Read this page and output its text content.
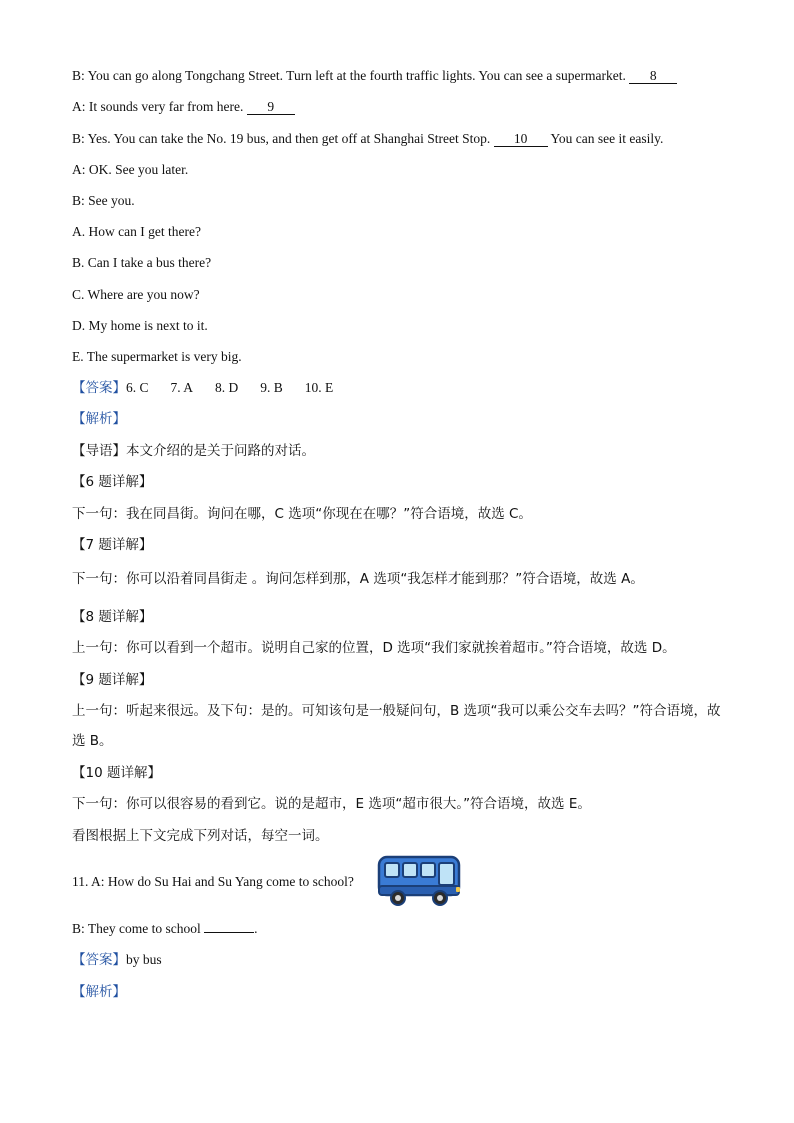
B: You can go along Tongchang Street. Turn left at the fourth traffic lights. You can see a supermarket. 8
A: It sounds very far from here. 9
B: Yes. You can take the No. 19 bus, and then get off at Shanghai Street Stop. 10 You can see it easily.
A: OK. See you later.
B: See you.
A. How can I get there?
B. Can I take a bus there?
C. Where are you now?
D. My home is next to it.
E. The supermarket is very big.
【答案】6. C 7. A 8. D 9. B 10. E
【解析】
【导语】本文介绍的是关于问路的对话。
【6 题详解】
下一句：我在同昌街。询问在哪，C 选项“你现在在哪？”符合语境，故选 C。
【7 题详解】
下一句：你可以沿着同昌街走 。询问怎样到那，A 选项“我怎样才能到那？”符合语境，故选 A。
【8 题详解】
上一句：你可以看到一个超市。说明自己家的位置，D 选项“我们家就挨着超市。”符合语境，故选 D。
【9 题详解】
上一句：听起来很远。及下句：是的。可知该句是一般疑问句，B 选项“我可以乘公交车去吗？”符合语境，故选 B。
【10 题详解】
下一句：你可以很容易的看到它。说的是超市，E 选项“超市很大。”符合语境，故选 E。
看图根据上下文完成下列对话，每空一词。
11. A: How do Su Hai and Su Yang come to school?
B: They come to school	.
【答案】by bus
【解析】
